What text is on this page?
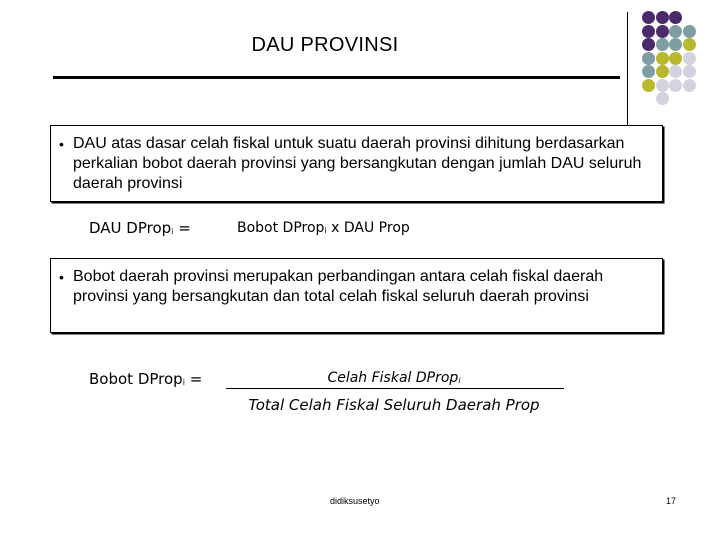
DAU PROVINSI
• DAU atas dasar celah fiskal untuk suatu daerah provinsi dihitung berdasarkan perkalian bobot daerah provinsi yang bersangkutan dengan jumlah DAU seluruh daerah provinsi
DAU DProp$_i$ =	Bobot DProp$_i$ x DAU Prop
• Bobot daerah provinsi merupakan perbandingan antara celah fiskal daerah provinsi yang bersangkutan dan total celah fiskal seluruh daerah provinsi
Bobot DProp$_i$ =	Celah Fiskal DProp$_i$
Total Celah Fiskal Seluruh Daerah Prop
didiksusetyo	17
